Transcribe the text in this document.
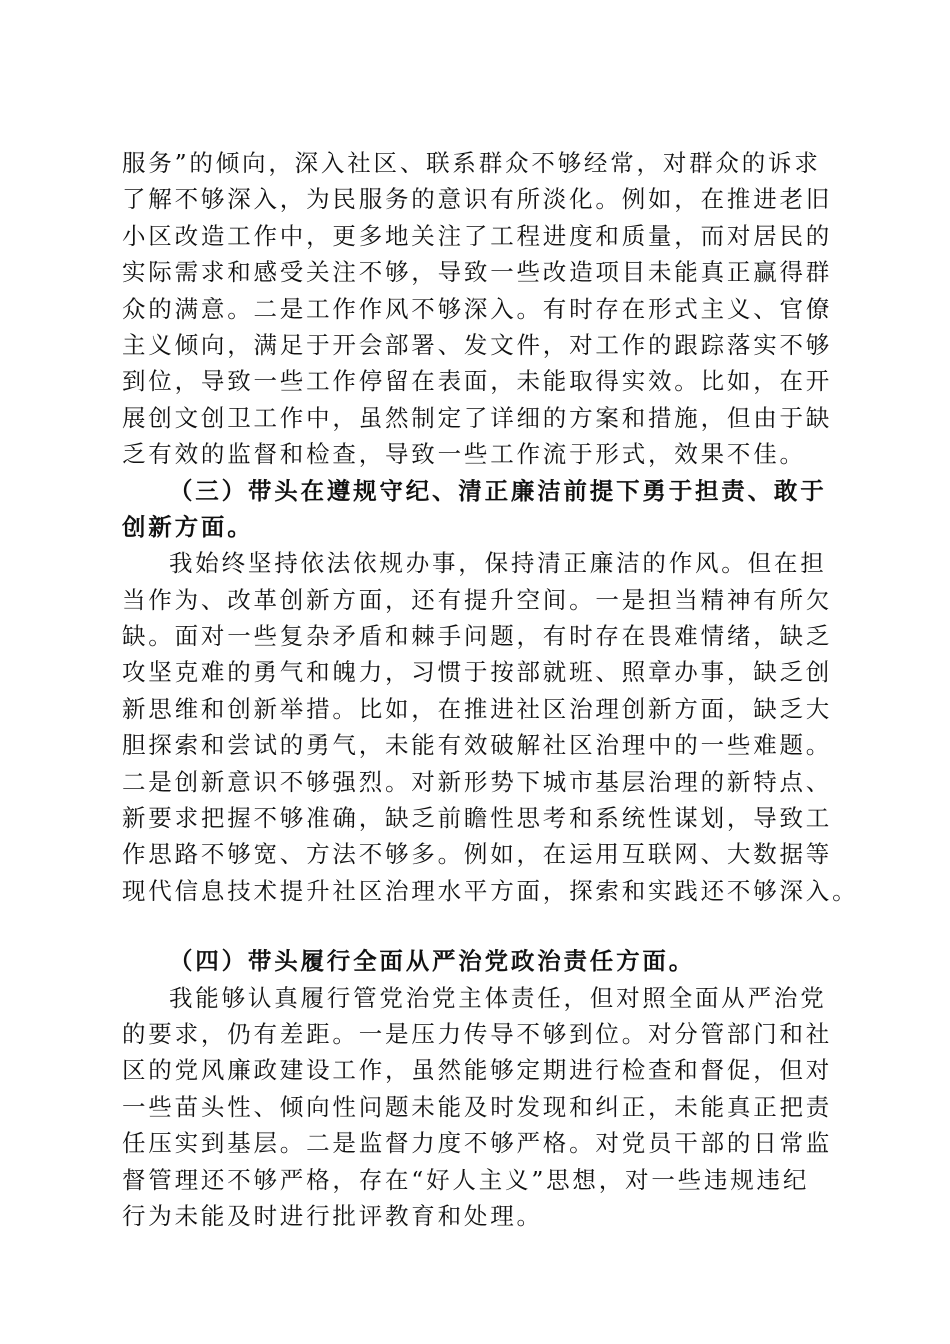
服务”的倾向，深入社区、联系群众不够经常，对群众的诉求
了解不够深入，为民服务的意识有所淡化。例如，在推进老旧
小区改造工作中，更多地关注了工程进度和质量，而对居民的
实际需求和感受关注不够，导致一些改造项目未能真正赢得群
众的满意。二是工作作风不够深入。有时存在形式主义、官僚
主义倾向，满足于开会部署、发文件，对工作的跟踪落实不够
到位，导致一些工作停留在表面，未能取得实效。比如，在开
展创文创卫工作中，虽然制定了详细的方案和措施，但由于缺
乏有效的监督和检查，导致一些工作流于形式，效果不佳。
（三）带头在遵规守纪、清正廉洁前提下勇于担责、敢于
创新方面。
我始终坚持依法依规办事，保持清正廉洁的作风。但在担
当作为、改革创新方面，还有提升空间。一是担当精神有所欠
缺。面对一些复杂矛盾和棘手问题，有时存在畏难情绪，缺乏
攻坚克难的勇气和魄力，习惯于按部就班、照章办事，缺乏创
新思维和创新举措。比如，在推进社区治理创新方面，缺乏大
胆探索和尝试的勇气，未能有效破解社区治理中的一些难题。
二是创新意识不够强烈。对新形势下城市基层治理的新特点、
新要求把握不够准确，缺乏前瞻性思考和系统性谋划，导致工
作思路不够宽、方法不够多。例如，在运用互联网、大数据等
现代信息技术提升社区治理水平方面，探索和实践还不够深入。
（四）带头履行全面从严治党政治责任方面。
我能够认真履行管党治党主体责任，但对照全面从严治党
的要求，仍有差距。一是压力传导不够到位。对分管部门和社
区的党风廉政建设工作，虽然能够定期进行检查和督促，但对
一些苗头性、倾向性问题未能及时发现和纠正，未能真正把责
任压实到基层。二是监督力度不够严格。对党员干部的日常监
督管理还不够严格，存在“好人主义”思想，对一些违规违纪
行为未能及时进行批评教育和处理。
